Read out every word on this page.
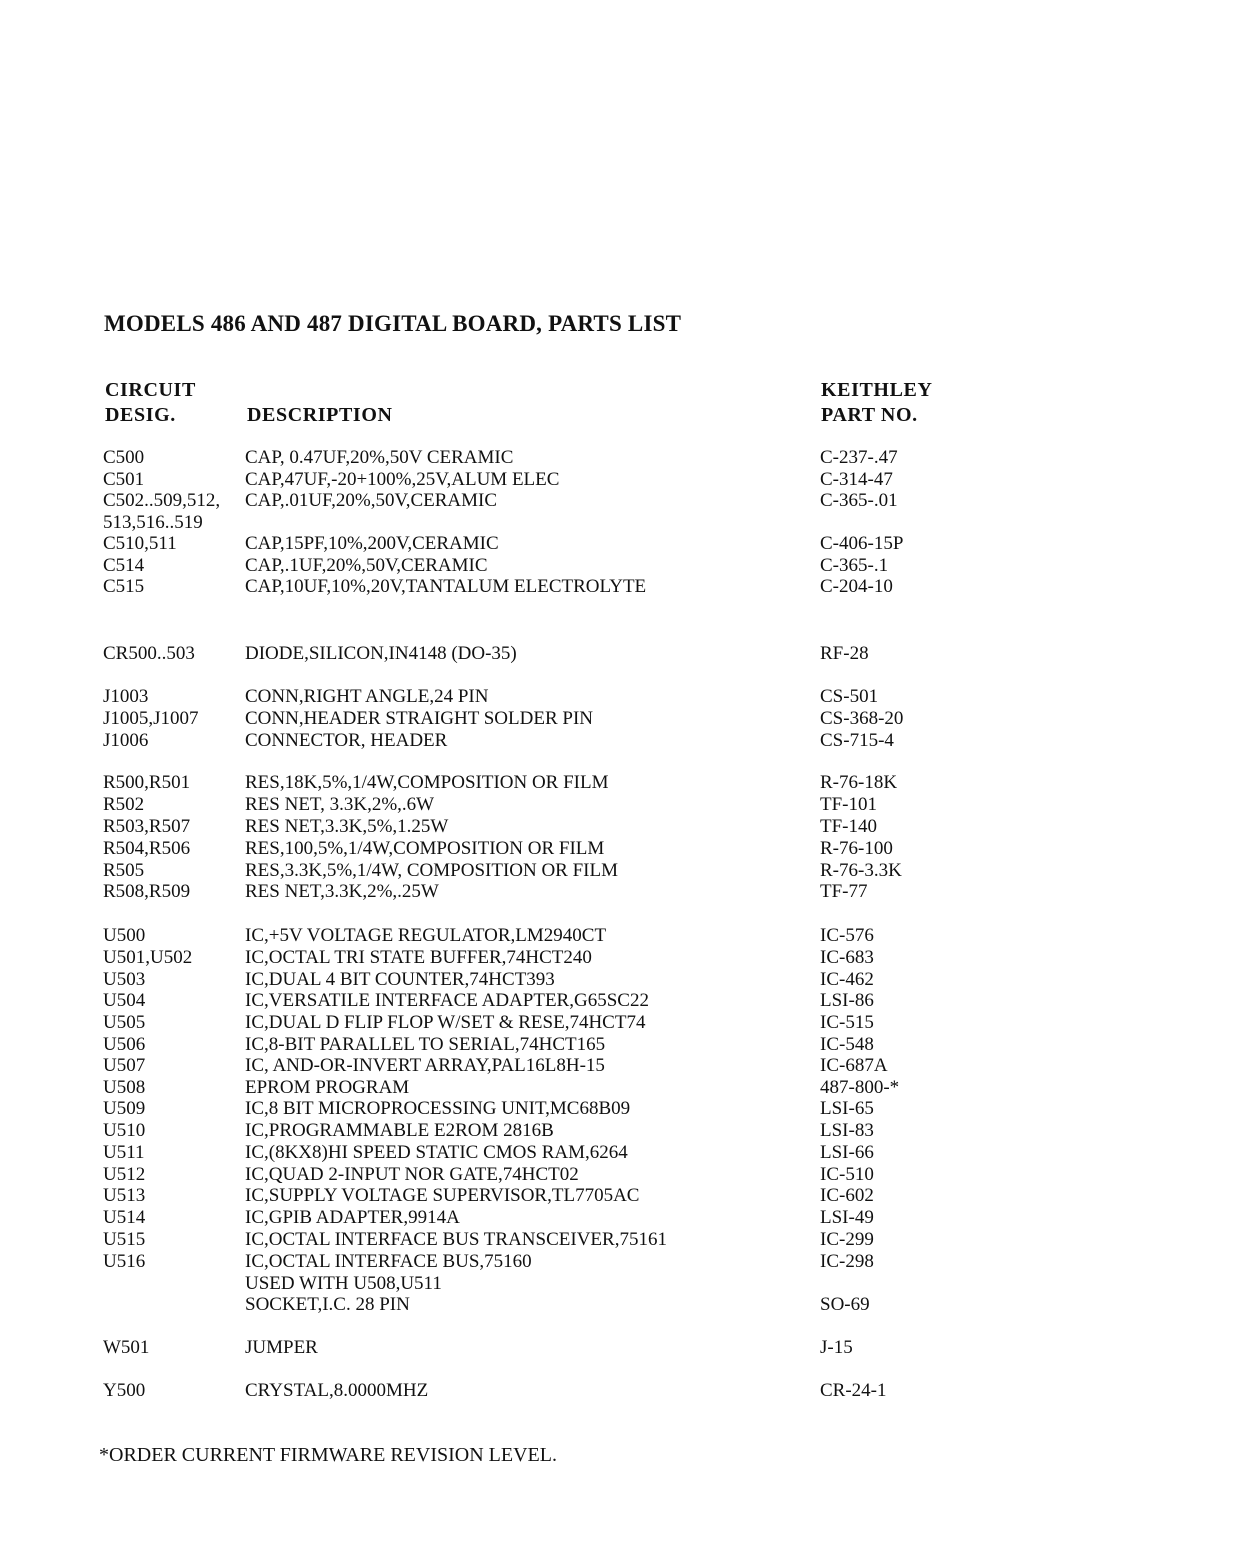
MODELS 486 AND 487 DIGITAL BOARD, PARTS LIST
CIRCUIT
DESIG.	DESCRIPTION
KEITHLEY
PART NO.
C500	CAP, 0.47UF,20%,50V CERAMIC	C-237-.47
C501	CAP,47UF,-20+100%,25V,ALUM ELEC	C-314-47
C502..509,512, CAP,.01UF,20%,50V,CERAMIC	C-365-.01
513,516..519
C510,511	CAP,15PF,10%,200V,CERAMIC	C-406-15P
C514	CAP,.1UF,20%,50V,CERAMIC	C-365-.1
C515	CAP,10UF,10%,20V,TANTALUM ELECTROLYTE	C-204-10
CR500..503	DIODE,SILICON,IN4148 (DO-35)	RF-28
J1003	CONN,RIGHT ANGLE,24 PIN	CS-501
J1005,J1007 CONN,HEADER STRAIGHT SOLDER PIN	CS-368-20
J1006	CONNECTOR, HEADER	CS-715-4
R500,R501	RES,18K,5%,1/4W,COMPOSITION OR FILM	R-76-18K
R502	RES NET, 3.3K,2%,.6W	TF-101
R503,R507	RES NET,3.3K,5%,1.25W	TF-140
R504,R506	RES,100,5%,1/4W,COMPOSITION OR FILM	R-76-100
R505	RES,3.3K,5%,1/4W, COMPOSITION OR FILM	R-76-3.3K
R508,R509	RES NET,3.3K,2%,.25W	TF-77
U500	IC,+5V VOLTAGE REGULATOR,LM2940CT	IC-576
U501,U502	IC,OCTAL TRI STATE BUFFER,74HCT240	IC-683
U503	IC,DUAL 4 BIT COUNTER,74HCT393	IC-462
U504	IC,VERSATILE INTERFACE ADAPTER,G65SC22	LSI-86
U505	IC,DUAL D FLIP FLOP W/SET & RESE,74HCT74	IC-515
U506	IC,8-BIT PARALLEL TO SERIAL,74HCT165	IC-548
U507	IC, AND-OR-INVERT ARRAY,PAL16L8H-15	IC-687A
U508	EPROM PROGRAM	487-800-*
U509	IC,8 BIT MICROPROCESSING UNIT,MC68B09	LSI-65
U510	IC,PROGRAMMABLE E2ROM 2816B	LSI-83
U511	IC,(8KX8)HI SPEED STATIC CMOS RAM,6264	LSI-66
U512	IC,QUAD 2-INPUT NOR GATE,74HCT02	IC-510
U513	IC,SUPPLY VOLTAGE SUPERVISOR,TL7705AC	IC-602
U514	IC,GPIB ADAPTER,9914A	LSI-49
U515	IC,OCTAL INTERFACE BUS TRANSCEIVER,75161	IC-299
U516	IC,OCTAL INTERFACE BUS,75160	IC-298
USED WITH U508,U511
SOCKET,I.C. 28 PIN	SO-69
W501	JUMPER	J-15
Y500	CRYSTAL,8.0000MHZ	CR-24-1
*ORDER CURRENT FIRMWARE REVISION LEVEL.
